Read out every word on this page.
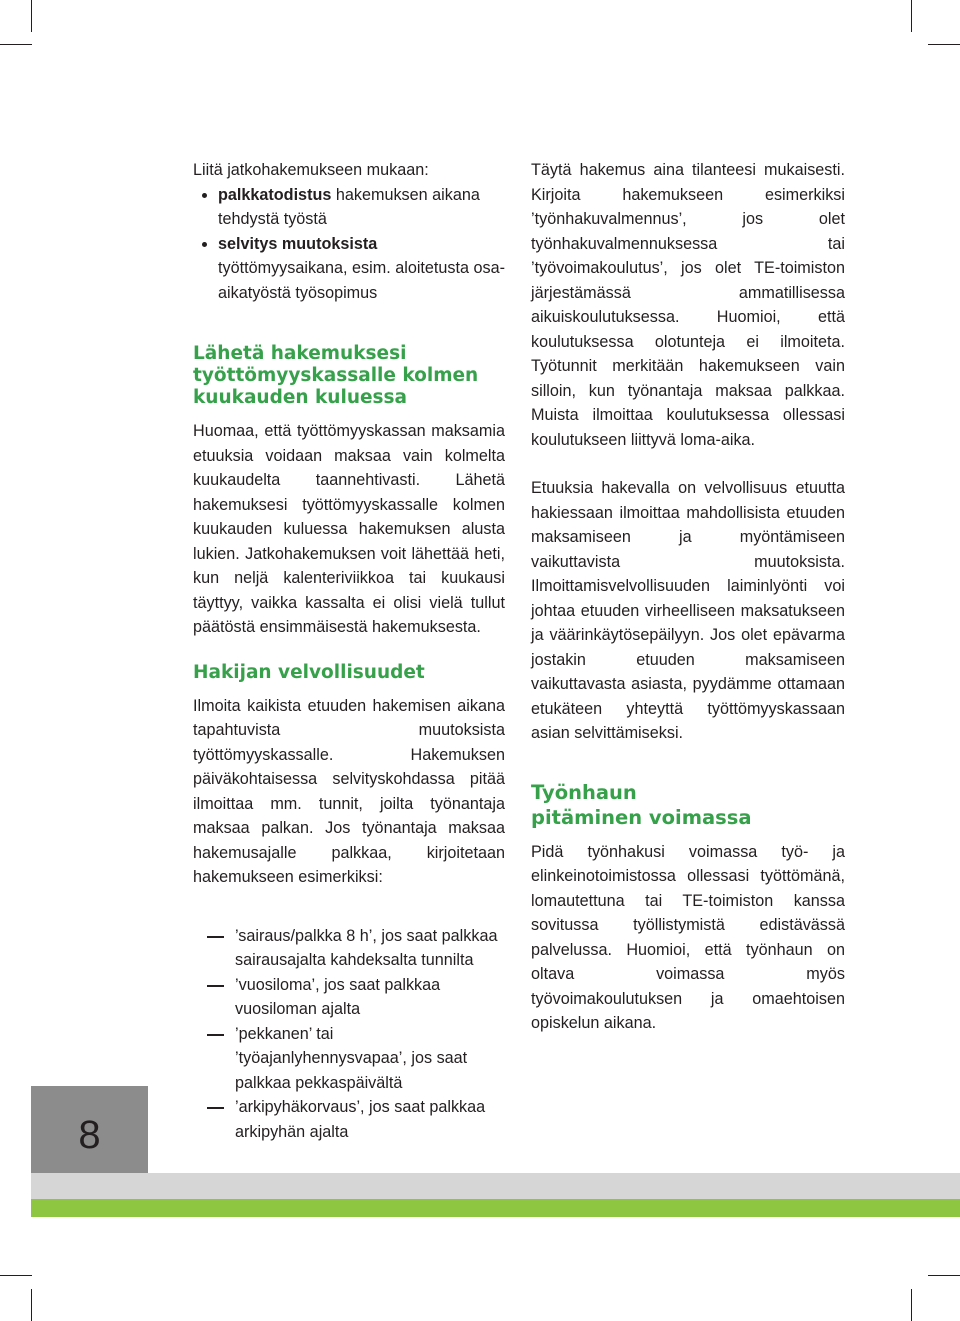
Liitä jatkohakemukseen mukaan:

palkkatodistus hakemuksen aikana tehdystä työstä
selvitys muutoksista työttömyysaikana, esim. aloitetusta osa-aikatyöstä työsopimus
Lähetä hakemuksesi
työttömyyskassalle kolmen
kuukauden kuluessa

Huomaa, että työttömyyskassan maksamia etuuksia voidaan maksaa vain kolmelta kuukaudelta taannehtivasti. Lähetä hakemuksesi työttömyyskassalle kolmen kuukauden kuluessa hakemuksen alusta lukien. Jatkohakemuksen voit lähettää heti, kun neljä kalenteriviikkoa tai kuukausi täyttyy, vaikka kassalta ei olisi vielä tullut päätöstä ensimmäisestä hakemuksesta.

Hakijan velvollisuudet

Ilmoita kaikista etuuden hakemisen aikana tapahtuvista muutoksista työttömyyskassalle. Hakemuksen päiväkohtaisessa selvityskohdassa pitää ilmoittaa mm. tunnit, joilta työnantaja maksaa palkan. Jos työnantaja maksaa hakemusajalle palkkaa, kirjoitetaan hakemukseen esimerkiksi:

’sairaus/palkka 8 h’, jos saat palkkaa sairausajalta kahdeksalta tunnilta
’vuosiloma’, jos saat palkkaa vuosiloman ajalta
’pekkanen’ tai ’työajanlyhennysvapaa’, jos saat palkkaa pekkaspäivältä
’arkipyhäkorvaus’, jos saat palkkaa arkipyhän ajalta

Täytä hakemus aina tilanteesi mukaisesti. Kirjoita hakemukseen esimerkiksi ’työnhakuvalmennus’, jos olet työnhakuvalmennuksessa tai ’työvoimakoulutus’, jos olet TE-toimiston järjestämässä ammatillisessa aikuiskoulutuksessa. Huomioi, että koulutuksessa olotunteja ei ilmoiteta. Työtunnit merkitään hakemukseen vain silloin, kun työnantaja maksaa palkkaa. Muista ilmoittaa koulutuksessa ollessasi koulutukseen liittyvä loma-aika.

Etuuksia hakevalla on velvollisuus etuutta hakiessaan ilmoittaa mahdollisista etuuden maksamiseen ja myöntämiseen vaikuttavista muutoksista. Ilmoittamisvelvollisuuden laiminlyönti voi johtaa etuuden virheelliseen maksatukseen ja väärinkäytösepäilyyn. Jos olet epävarma jostakin etuuden maksamiseen vaikuttavasta asiasta, pyydämme ottamaan etukäteen yhteyttä työttömyyskassaan asian selvittämiseksi.

Työnhaun
pitäminen voimassa

Pidä työnhakusi voimassa työ- ja elinkeinotoimistossa ollessasi työttömänä, lomautettuna tai TE-toimiston kanssa sovitussa työllistymistä edistävässä palvelussa. Huomioi, että työnhaun on oltava voimassa myös työvoimakoulutuksen ja omaehtoisen opiskelun aikana.

8
